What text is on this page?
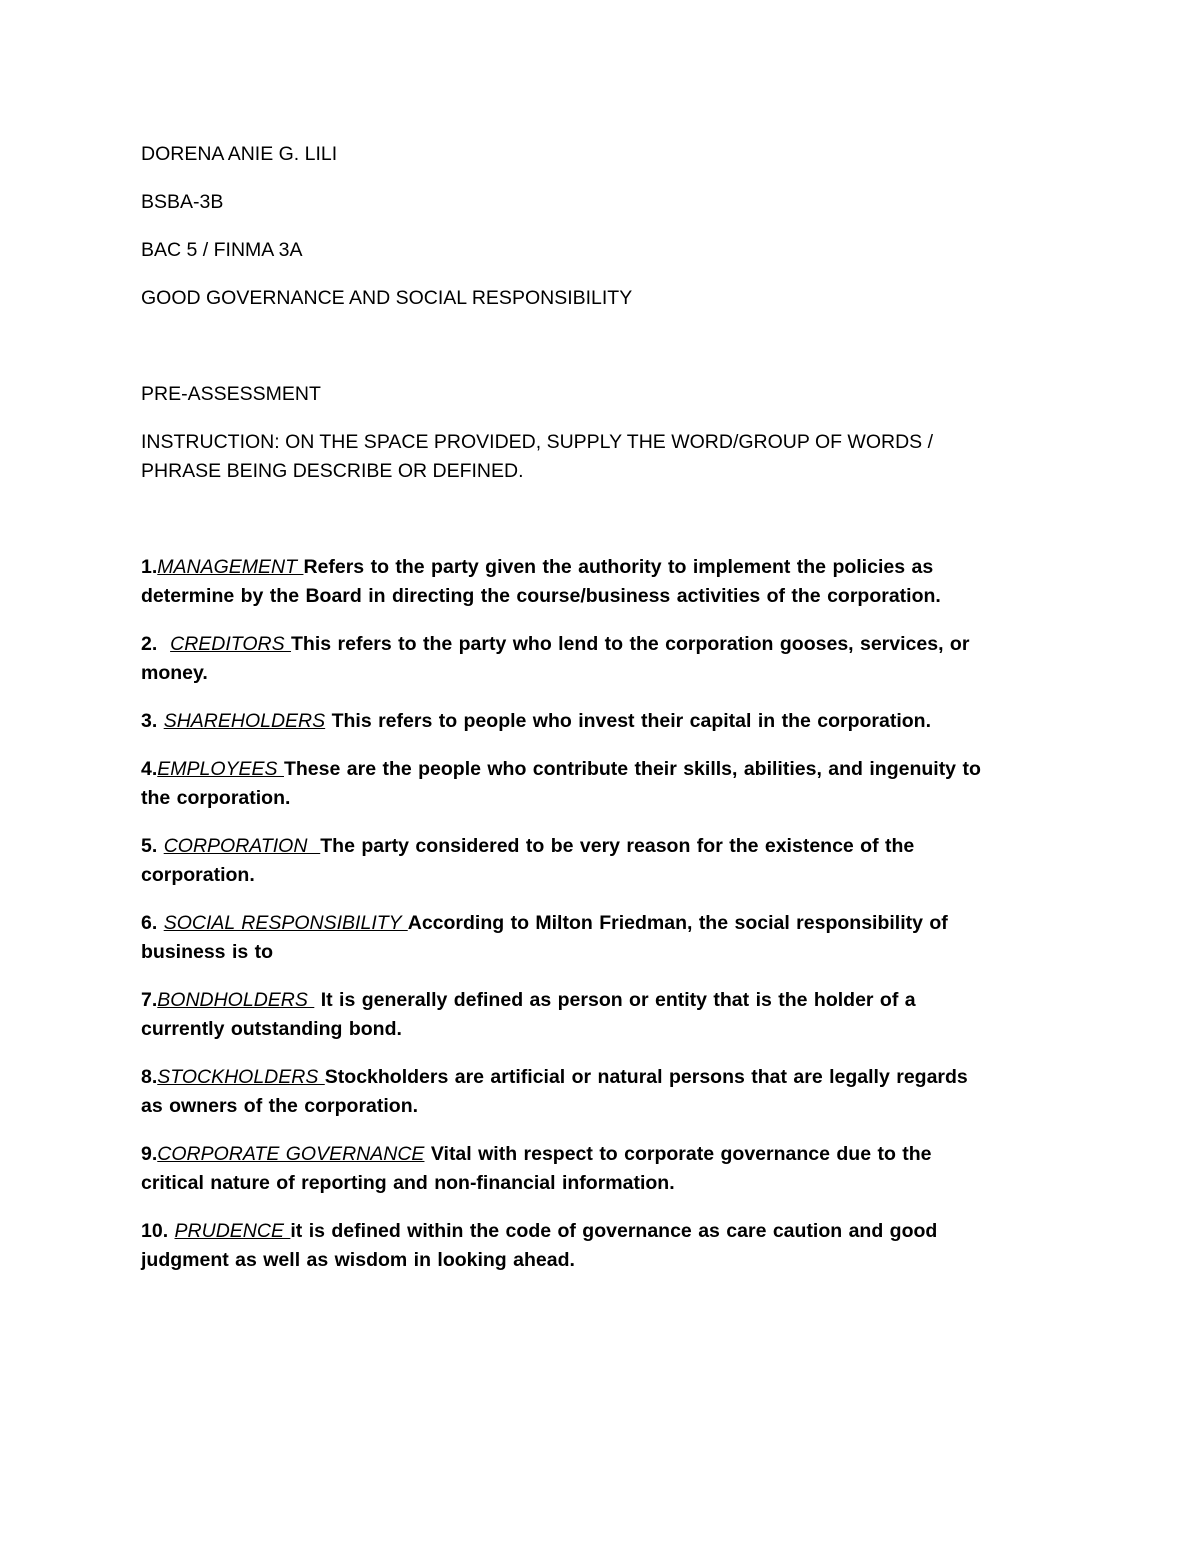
DORENA ANIE G. LILI

BSBA-3B

BAC 5 / FINMA 3A

GOOD GOVERNANCE AND SOCIAL RESPONSIBILITY

PRE-ASSESSMENT

INSTRUCTION: ON THE SPACE PROVIDED, SUPPLY THE WORD/GROUP OF WORDS /

PHRASE BEING DESCRIBE OR DEFINED.

1.MANAGEMENT Refers to the party given the authority to implement the policies as

determine by the Board in directing the course/business activities of the corporation.

2.  CREDITORS This refers to the party who lend to the corporation gooses, services, or

money.

3. SHAREHOLDERS This refers to people who invest their capital in the corporation.

4.EMPLOYEES These are the people who contribute their skills, abilities, and ingenuity to

the corporation.

5. CORPORATION  The party considered to be very reason for the existence of the

corporation.

6. SOCIAL RESPONSIBILITY According to Milton Friedman, the social responsibility of

business is to

7.BONDHOLDERS  It is generally defined as person or entity that is the holder of a

currently outstanding bond.

8.STOCKHOLDERS Stockholders are artificial or natural persons that are legally regards

as owners of the corporation.

9.CORPORATE GOVERNANCE Vital with respect to corporate governance due to the

critical nature of reporting and non-financial information.

10. PRUDENCE it is defined within the code of governance as care caution and good

judgment as well as wisdom in looking ahead.
